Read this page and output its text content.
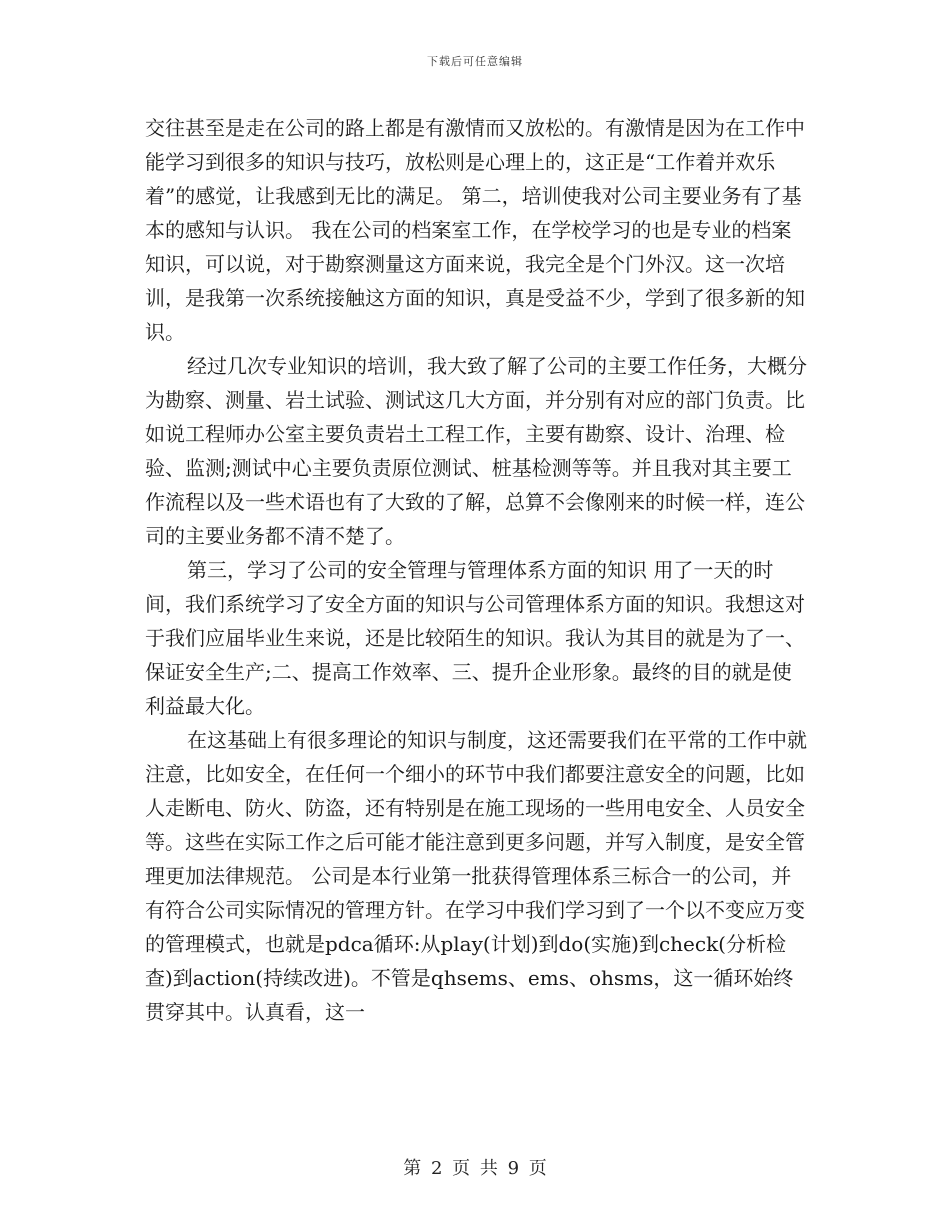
下载后可任意编辑

交往甚至是走在公司的路上都是有激情而又放松的。有激情是因为在工作中能学习到很多的知识与技巧，放松则是心理上的，这正是“工作着并欢乐着”的感觉，让我感到无比的满足。 第二，培训使我对公司主要业务有了基本的感知与认识。 我在公司的档案室工作，在学校学习的也是专业的档案知识，可以说，对于勘察测量这方面来说，我完全是个门外汉。这一次培训，是我第一次系统接触这方面的知识，真是受益不少，学到了很多新的知识。

经过几次专业知识的培训，我大致了解了公司的主要工作任务，大概分为勘察、测量、岩土试验、测试这几大方面，并分别有对应的部门负责。比如说工程师办公室主要负责岩土工程工作，主要有勘察、设计、治理、检验、监测;测试中心主要负责原位测试、桩基检测等等。并且我对其主要工作流程以及一些术语也有了大致的了解，总算不会像刚来的时候一样，连公司的主要业务都不清不楚了。

第三，学习了公司的安全管理与管理体系方面的知识 用了一天的时间，我们系统学习了安全方面的知识与公司管理体系方面的知识。我想这对于我们应届毕业生来说，还是比较陌生的知识。我认为其目的就是为了一、保证安全生产;二、提高工作效率、三、提升企业形象。最终的目的就是使利益最大化。

在这基础上有很多理论的知识与制度，这还需要我们在平常的工作中就注意，比如安全，在任何一个细小的环节中我们都要注意安全的问题，比如人走断电、防火、防盗，还有特别是在施工现场的一些用电安全、人员安全等。这些在实际工作之后可能才能注意到更多问题，并写入制度，是安全管理更加法律规范。 公司是本行业第一批获得管理体系三标合一的公司，并有符合公司实际情况的管理方针。在学习中我们学习到了一个以不变应万变的管理模式，也就是pdca循环:从play(计划)到do(实施)到check(分析检查)到action(持续改进)。不管是qhsems、ems、ohsms，这一循环始终贯穿其中。认真看，这一

第 2 页 共 9 页
